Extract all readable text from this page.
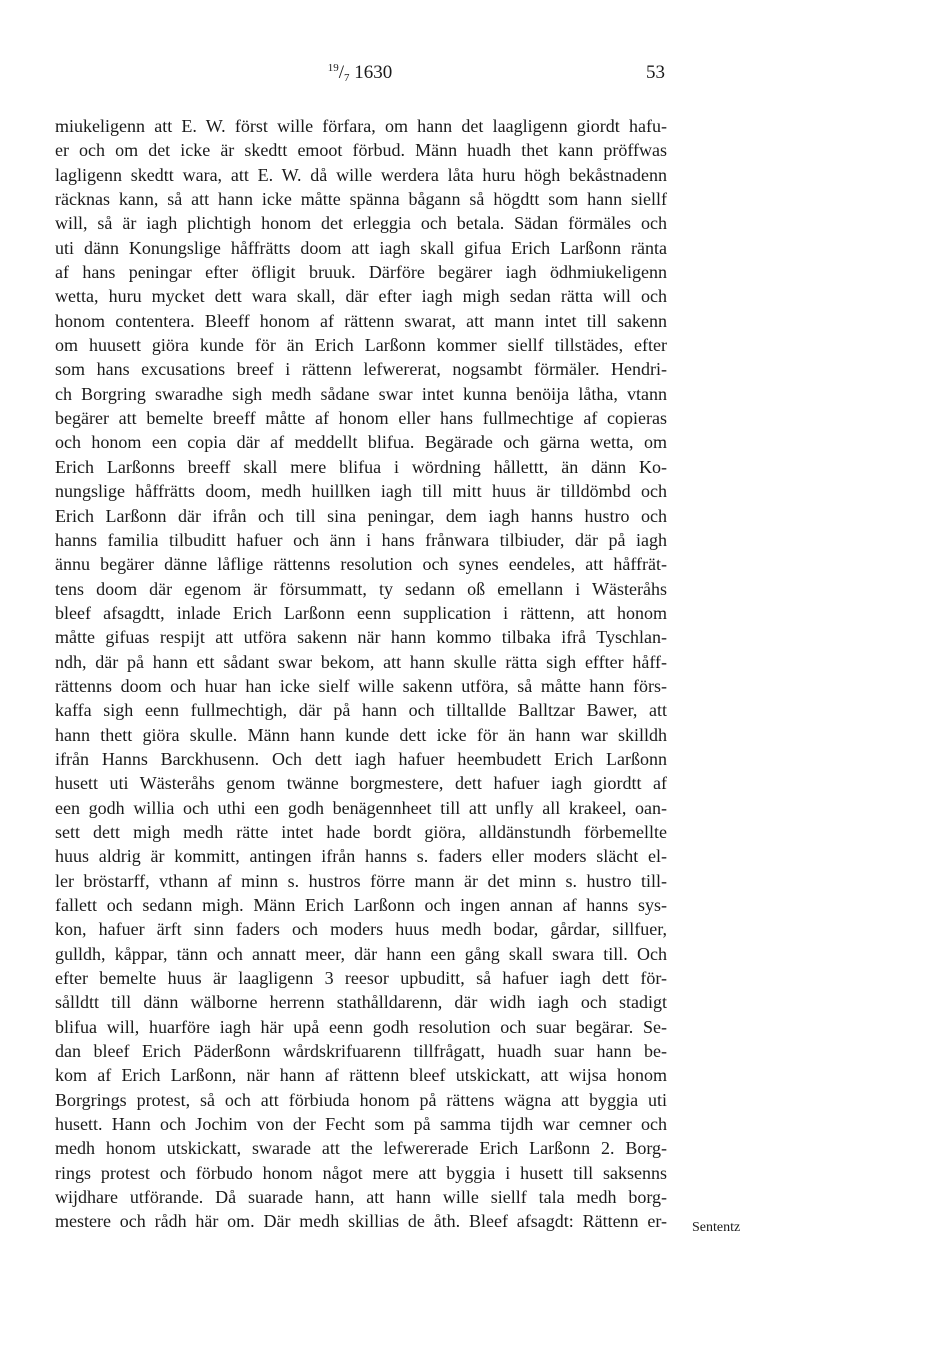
$^{19}/_7$ 1630	53
miukeligenn att E. W. först wille förfara, om hann det laagligenn giordt hafu-
er och om det icke är skedtt emoot förbud. Männ huadh thet kann pröffwas
lagligenn skedtt wara, att E. W. då wille werdera låta huru högh bekåstnadenn
räcknas kann, så att hann icke måtte spänna bågann så högdtt som hann siellf
will, så är iagh plichtigh honom det erleggia och betala. Sädan förmäles och
uti dänn Konungslige håffrätts doom att iagh skall gifua Erich Larßonn ränta
af hans peningar efter öfligit bruuk. Därföre begärer iagh ödhmiukeligenn
wetta, huru mycket dett wara skall, där efter iagh migh sedan rätta will och
honom contentera. Bleeff honom af rättenn swarat, att mann intet till sakenn
om huusett giöra kunde för än Erich Larßonn kommer siellf tillstädes, efter
som hans excusations breef i rättenn lefwererat, nogsambt förmäler. Hendri-
ch Borgring swaradhe sigh medh sådane swar intet kunna benöija låtha, vtann
begärer att bemelte breeff måtte af honom eller hans fullmechtige af copieras
och honom een copia där af meddellt blifua. Begärade och gärna wetta, om
Erich Larßonns breeff skall mere blifua i wördning hållettt, än dänn Ko-
nungslige håffrätts doom, medh huillken iagh till mitt huus är tilldömbd och
Erich Larßonn där ifrån och till sina peningar, dem iagh hanns hustro och
hanns familia tilbuditt hafuer och änn i hans frånwara tilbiuder, där på iagh
ännu begärer dänne låflige rättenns resolution och synes eendeles, att håffrät-
tens doom där egenom är försummatt, ty sedann oß emellann i Wästeråhs
bleef afsagdtt, inlade Erich Larßonn eenn supplication i rättenn, att honom
måtte gifuas respijt att utföra sakenn när hann kommo tilbaka ifrå Tyschlan-
ndh, där på hann ett sådant swar bekom, att hann skulle rätta sigh effter håff-
rättenns doom och huar han icke sielf wille sakenn utföra, så måtte hann förs-
kaffa sigh eenn fullmechtigh, där på hann och tilltallde Balltzar Bawer, att
hann thett giöra skulle. Männ hann kunde dett icke för än hann war skilldh
ifrån Hanns Barckhusenn. Och dett iagh hafuer heembudett Erich Larßonn
husett uti Wästeråhs genom twänne borgmestere, dett hafuer iagh giordtt af
een godh willia och uthi een godh benägennheet till att unfly all krakeel, oan-
sett dett migh medh rätte intet hade bordt giöra, alldänstundh förbemellte
huus aldrig är kommitt, antingen ifrån hanns s. faders eller moders slächt el-
ler bröstarff, vthann af minn s. hustros förre mann är det minn s. hustro till-
fallett och sedann migh. Männ Erich Larßonn och ingen annan af hanns sys-
kon, hafuer ärft sinn faders och moders huus medh bodar, gårdar, sillfuer,
gulldh, kåppar, tänn och annatt meer, där hann een gång skall swara till. Och
efter bemelte huus är laagligenn 3 reesor upbuditt, så hafuer iagh dett för-
sålldtt till dänn wälborne herrenn stathålldarenn, där widh iagh och stadigt
blifua will, huarföre iagh här upå eenn godh resolution och suar begärar. Se-
dan bleef Erich Päderßonn wårdskrifuarenn tillfrågatt, huadh suar hann be-
kom af Erich Larßonn, när hann af rättenn bleef utskickatt, att wijsa honom
Borgrings protest, så och att förbiuda honom på rättens wägna att byggia uti
husett. Hann och Jochim von der Fecht som på samma tijdh war cemner och
medh honom utskickatt, swarade att the lefwererade Erich Larßonn 2. Borg-
rings protest och förbudo honom något mere att byggia i husett till saksenns
wijdhare utförande. Då suarade hann, att hann wille siellf tala medh borg-
mestere och rådh här om. Där medh skillias de åth. Bleef afsagdt: Rättenn er- Sententz
